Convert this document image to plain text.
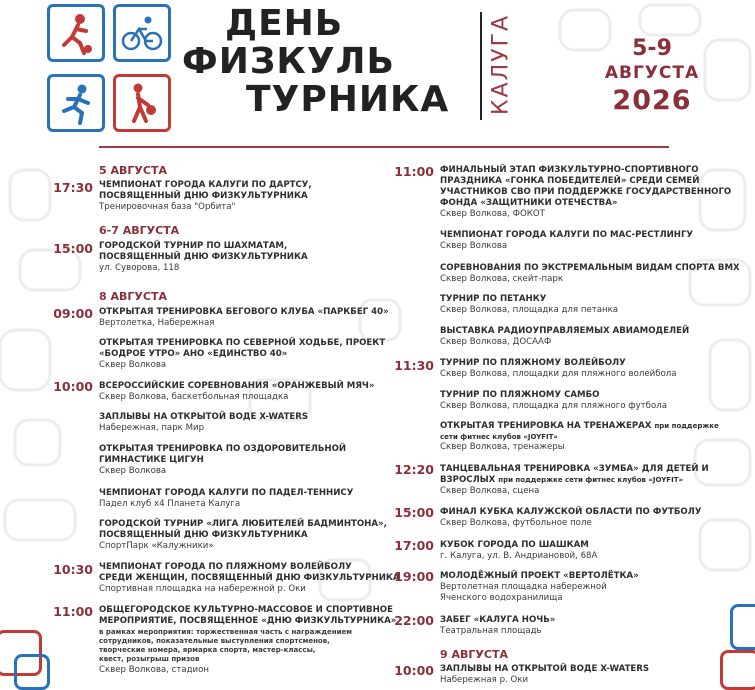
ДЕНЬ
ФИЗКУЛЬ
ТУРНИКА КАЛУГА	5-9
АВГУСТА
2026
5 АВГУСТА
17:30 ЧЕМПИОНАТ ГОРОДА КАЛУГИ ПО ДАРТСУ,
ПОСВЯЩЕННЫЙ ДНЮ ФИЗКУЛЬТУРНИКА
Тренировочная база "Орбита"
6-7 АВГУСТА
15:00 ГОРОДСКОЙ ТУРНИР ПО ШАХМАТАМ,
ПОСВЯЩЕННЫЙ ДНЮ ФИЗКУЛЬТУРНИКА
ул. Суворова, 118
8 АВГУСТА
09:00 ОТКРЫТАЯ ТРЕНИРОВКА БЕГОВОГО КЛУБА «ПАРКБЕГ 40»
Вертолетка, Набережная
ОТКРЫТАЯ ТРЕНИРОВКА ПО СЕВЕРНОЙ ХОДЬБЕ, ПРОЕКТ
«БОДРОЕ УТРО» АНО «ЕДИНСТВО 40»
Сквер Волкова
10:00 ВСЕРОССИЙСКИЕ СОРЕВНОВАНИЯ «ОРАНЖЕВЫЙ МЯЧ»
Сквер Волкова, баскетбольная площадка
ЗАПЛЫВЫ НА ОТКРЫТОЙ ВОДЕ X-WATERS
Набережная, парк Мир
ОТКРЫТАЯ ТРЕНИРОВКА ПО ОЗДОРОВИТЕЛЬНОЙ
ГИМНАСТИКЕ ЦИГУН
Сквер Волкова
ЧЕМПИОНАТ ГОРОДА КАЛУГИ ПО ПАДЕЛ-ТЕННИСУ
Падел клуб х4 Планета Калуга
ГОРОДСКОЙ ТУРНИР «ЛИГА ЛЮБИТЕЛЕЙ БАДМИНТОНА»,
ПОСВЯЩЕННЫЙ ДНЮ ФИЗКУЛЬТУРНИКА
СпортПарк «Калужники»
10:30 ЧЕМПИОНАТ ГОРОДА ПО ПЛЯЖНОМУ ВОЛЕЙБОЛУ
СРЕДИ ЖЕНЩИН, ПОСВЯЩЕННЫЙ ДНЮ ФИЗКУЛЬТУРНИКА
Спортивная площадка на набережной р. Оки
11:00 ОБЩЕГОРОДСКОЕ КУЛЬТУРНО-МАССОВОЕ И СПОРТИВНОЕ
МЕРОПРИЯТИЕ, ПОСВЯЩЕННОЕ «ДНЮ ФИЗКУЛЬТУРНИКА»
в рамках мероприятия: торжественная часть с награждением
сотрудников, показательные выступления спортсменов,
творческие номера, ярмарка спорта, мастер-классы,
квест, розыгрыш призов
Сквер Волкова, стадион
11:00 ФИНАЛЬНЫЙ ЭТАП ФИЗКУЛЬТУРНО-СПОРТИВНОГО
ПРАЗДНИКА «ГОНКА ПОБЕДИТЕЛЕЙ» СРЕДИ СЕМЕЙ
УЧАСТНИКОВ СВО ПРИ ПОДДЕРЖКЕ ГОСУДАРСТВЕННОГО
ФОНДА «ЗАЩИТНИКИ ОТЕЧЕСТВА»
Сквер Волкова, ФОКОТ
ЧЕМПИОНАТ ГОРОДА КАЛУГИ ПО МАС-РЕСТЛИНГУ
Сквер Волкова
СОРЕВНОВАНИЯ ПО ЭКСТРЕМАЛЬНЫМ ВИДАМ СПОРТА BMX
Сквер Волкова, скейт-парк
ТУРНИР ПО ПЕТАНКУ
Сквер Волкова, площадка для петанка
ВЫСТАВКА РАДИОУПРАВЛЯЕМЫХ АВИАМОДЕЛЕЙ
Сквер Волкова, ДОСААФ
11:30 ТУРНИР ПО ПЛЯЖНОМУ ВОЛЕЙБОЛУ
Сквер Волкова, площадки для пляжного волейбола
ТУРНИР ПО ПЛЯЖНОМУ САМБО
Сквер Волкова, площадка для пляжного футбола
ОТКРЫТАЯ ТРЕНИРОВКА НА ТРЕНАЖЕРАХ при поддержке
сети фитнес клубов «JOYFIT»
Сквер Волкова, тренажеры
12:20 ТАНЦЕВАЛЬНАЯ ТРЕНИРОВКА «ЗУМБА» ДЛЯ ДЕТЕЙ И
ВЗРОСЛЫХ при поддержке сети фитнес клубов «JOYFIT»
Сквер Волкова, сцена
15:00 ФИНАЛ КУБКА КАЛУЖСКОЙ ОБЛАСТИ ПО ФУТБОЛУ
Сквер Волкова, футбольное поле
17:00 КУБОК ГОРОДА ПО ШАШКАМ
г. Калуга, ул. В. Андриановой, 68А
19:00 МОЛОДЁЖНЫЙ ПРОЕКТ «ВЕРТОЛЁТКА»
Вертолетная площадка набережной
Яченского водохранилища
22:00 ЗАБЕГ «КАЛУГА НОЧЬ»
Театральная площадь
9 АВГУСТА
10:00 ЗАПЛЫВЫ НА ОТКРЫТОЙ ВОДЕ X-WATERS
Набережная р. Оки
